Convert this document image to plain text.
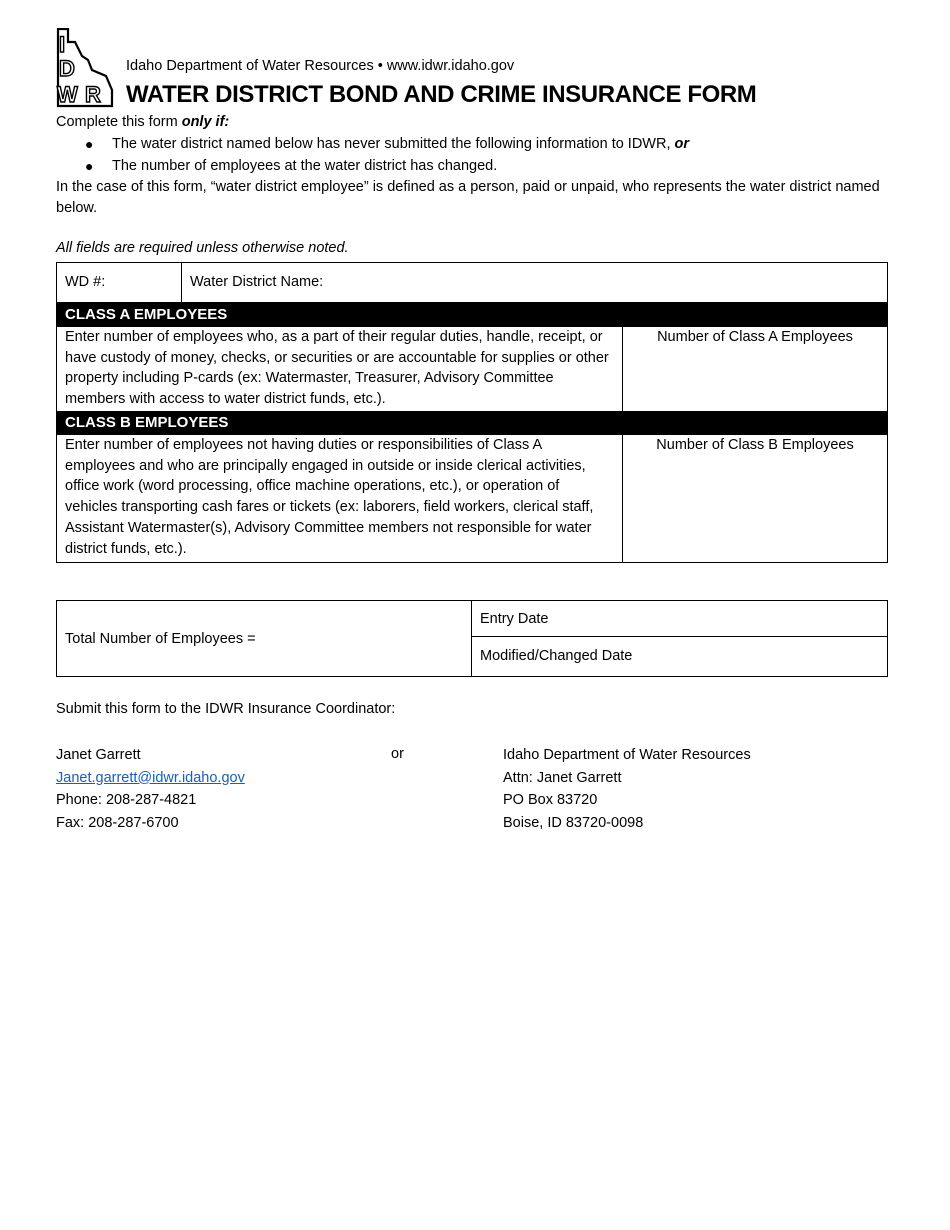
I
D
W R
Idaho Department of Water Resources • www.idwr.idaho.gov
WATER DISTRICT BOND AND CRIME INSURANCE FORM

Complete this form only if:

● The water district named below has never submitted the following information to IDWR, or
● The number of employees at the water district has changed.

In the case of this form, “water district employee” is defined as a person, paid or unpaid, who represents the water district named below.

All fields are required unless otherwise noted.
WD #:	Water District Name:
CLASS A EMPLOYEES
Enter number of employees who, as a part of their regular duties, handle, receipt, or have custody of money, checks, or securities or are accountable for supplies or other property including P-cards (ex: Watermaster, Treasurer, Advisory Committee members with access to water district funds, etc.).
Number of Class A Employees
CLASS B EMPLOYEES
Enter number of employees not having duties or responsibilities of Class A employees and who are principally engaged in outside or inside clerical activities, office work (word processing, office machine operations, etc.), or operation of vehicles transporting cash fares or tickets (ex: laborers, field workers, clerical staff, Assistant Watermaster(s), Advisory Committee members not responsible for water district funds, etc.).
Number of Class B Employees
Total Number of Employees =
Entry Date
Modified/Changed Date
Submit this form to the IDWR Insurance Coordinator:
Janet Garrett
Janet.garrett@idwr.idaho.gov
Phone: 208-287-4821
Fax: 208-287-6700
or	Idaho Department of Water Resources
Attn: Janet Garrett
PO Box 83720
Boise, ID 83720-0098
